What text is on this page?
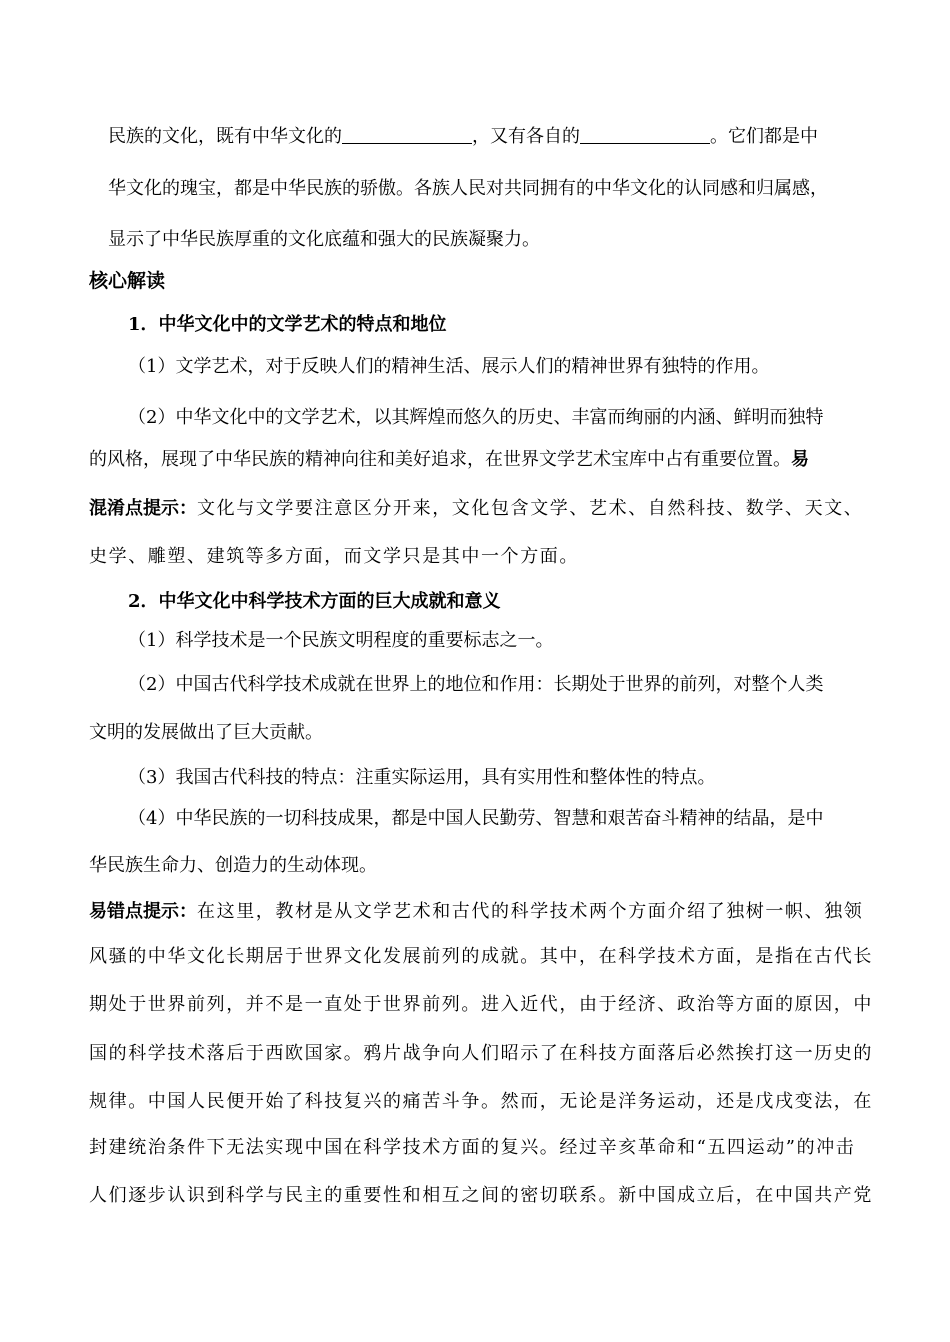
民族的文化，既有中华文化的	，又有各自的	。它们都是中
华文化的瑰宝，都是中华民族的骄傲。各族人民对共同拥有的中华文化的认同感和归属感，
显示了中华民族厚重的文化底蕴和强大的民族凝聚力。
核心解读
1．中华文化中的文学艺术的特点和地位
（1）文学艺术，对于反映人们的精神生活、展示人们的精神世界有独特的作用。
（2）中华文化中的文学艺术，以其辉煌而悠久的历史、丰富而绚丽的内涵、鲜明而独特
的风格，展现了中华民族的精神向往和美好追求，在世界文学艺术宝库中占有重要位置。易
混淆点提示：文化与文学要注意区分开来，文化包含文学、艺术、自然科技、数学、天文、
史学、雕塑、建筑等多方面，而文学只是其中一个方面。
2．中华文化中科学技术方面的巨大成就和意义
（1）科学技术是一个民族文明程度的重要标志之一。
（2）中国古代科学技术成就在世界上的地位和作用：长期处于世界的前列，对整个人类
文明的发展做出了巨大贡献。
（3）我国古代科技的特点：注重实际运用，具有实用性和整体性的特点。
（4）中华民族的一切科技成果，都是中国人民勤劳、智慧和艰苦奋斗精神的结晶，是中
华民族生命力、创造力的生动体现。
易错点提示：在这里，教材是从文学艺术和古代的科学技术两个方面介绍了独树一帜、独领
风骚的中华文化长期居于世界文化发展前列的成就。其中，在科学技术方面，是指在古代长
期处于世界前列，并不是一直处于世界前列。进入近代，由于经济、政治等方面的原因，中
国的科学技术落后于西欧国家。鸦片战争向人们昭示了在科技方面落后必然挨打这一历史的
规律。中国人民便开始了科技复兴的痛苦斗争。然而，无论是洋务运动，还是戊戌变法，在
封建统治条件下无法实现中国在科学技术方面的复兴。经过辛亥革命和“五四运动”的冲击
人们逐步认识到科学与民主的重要性和相互之间的密切联系。新中国成立后，在中国共产党
